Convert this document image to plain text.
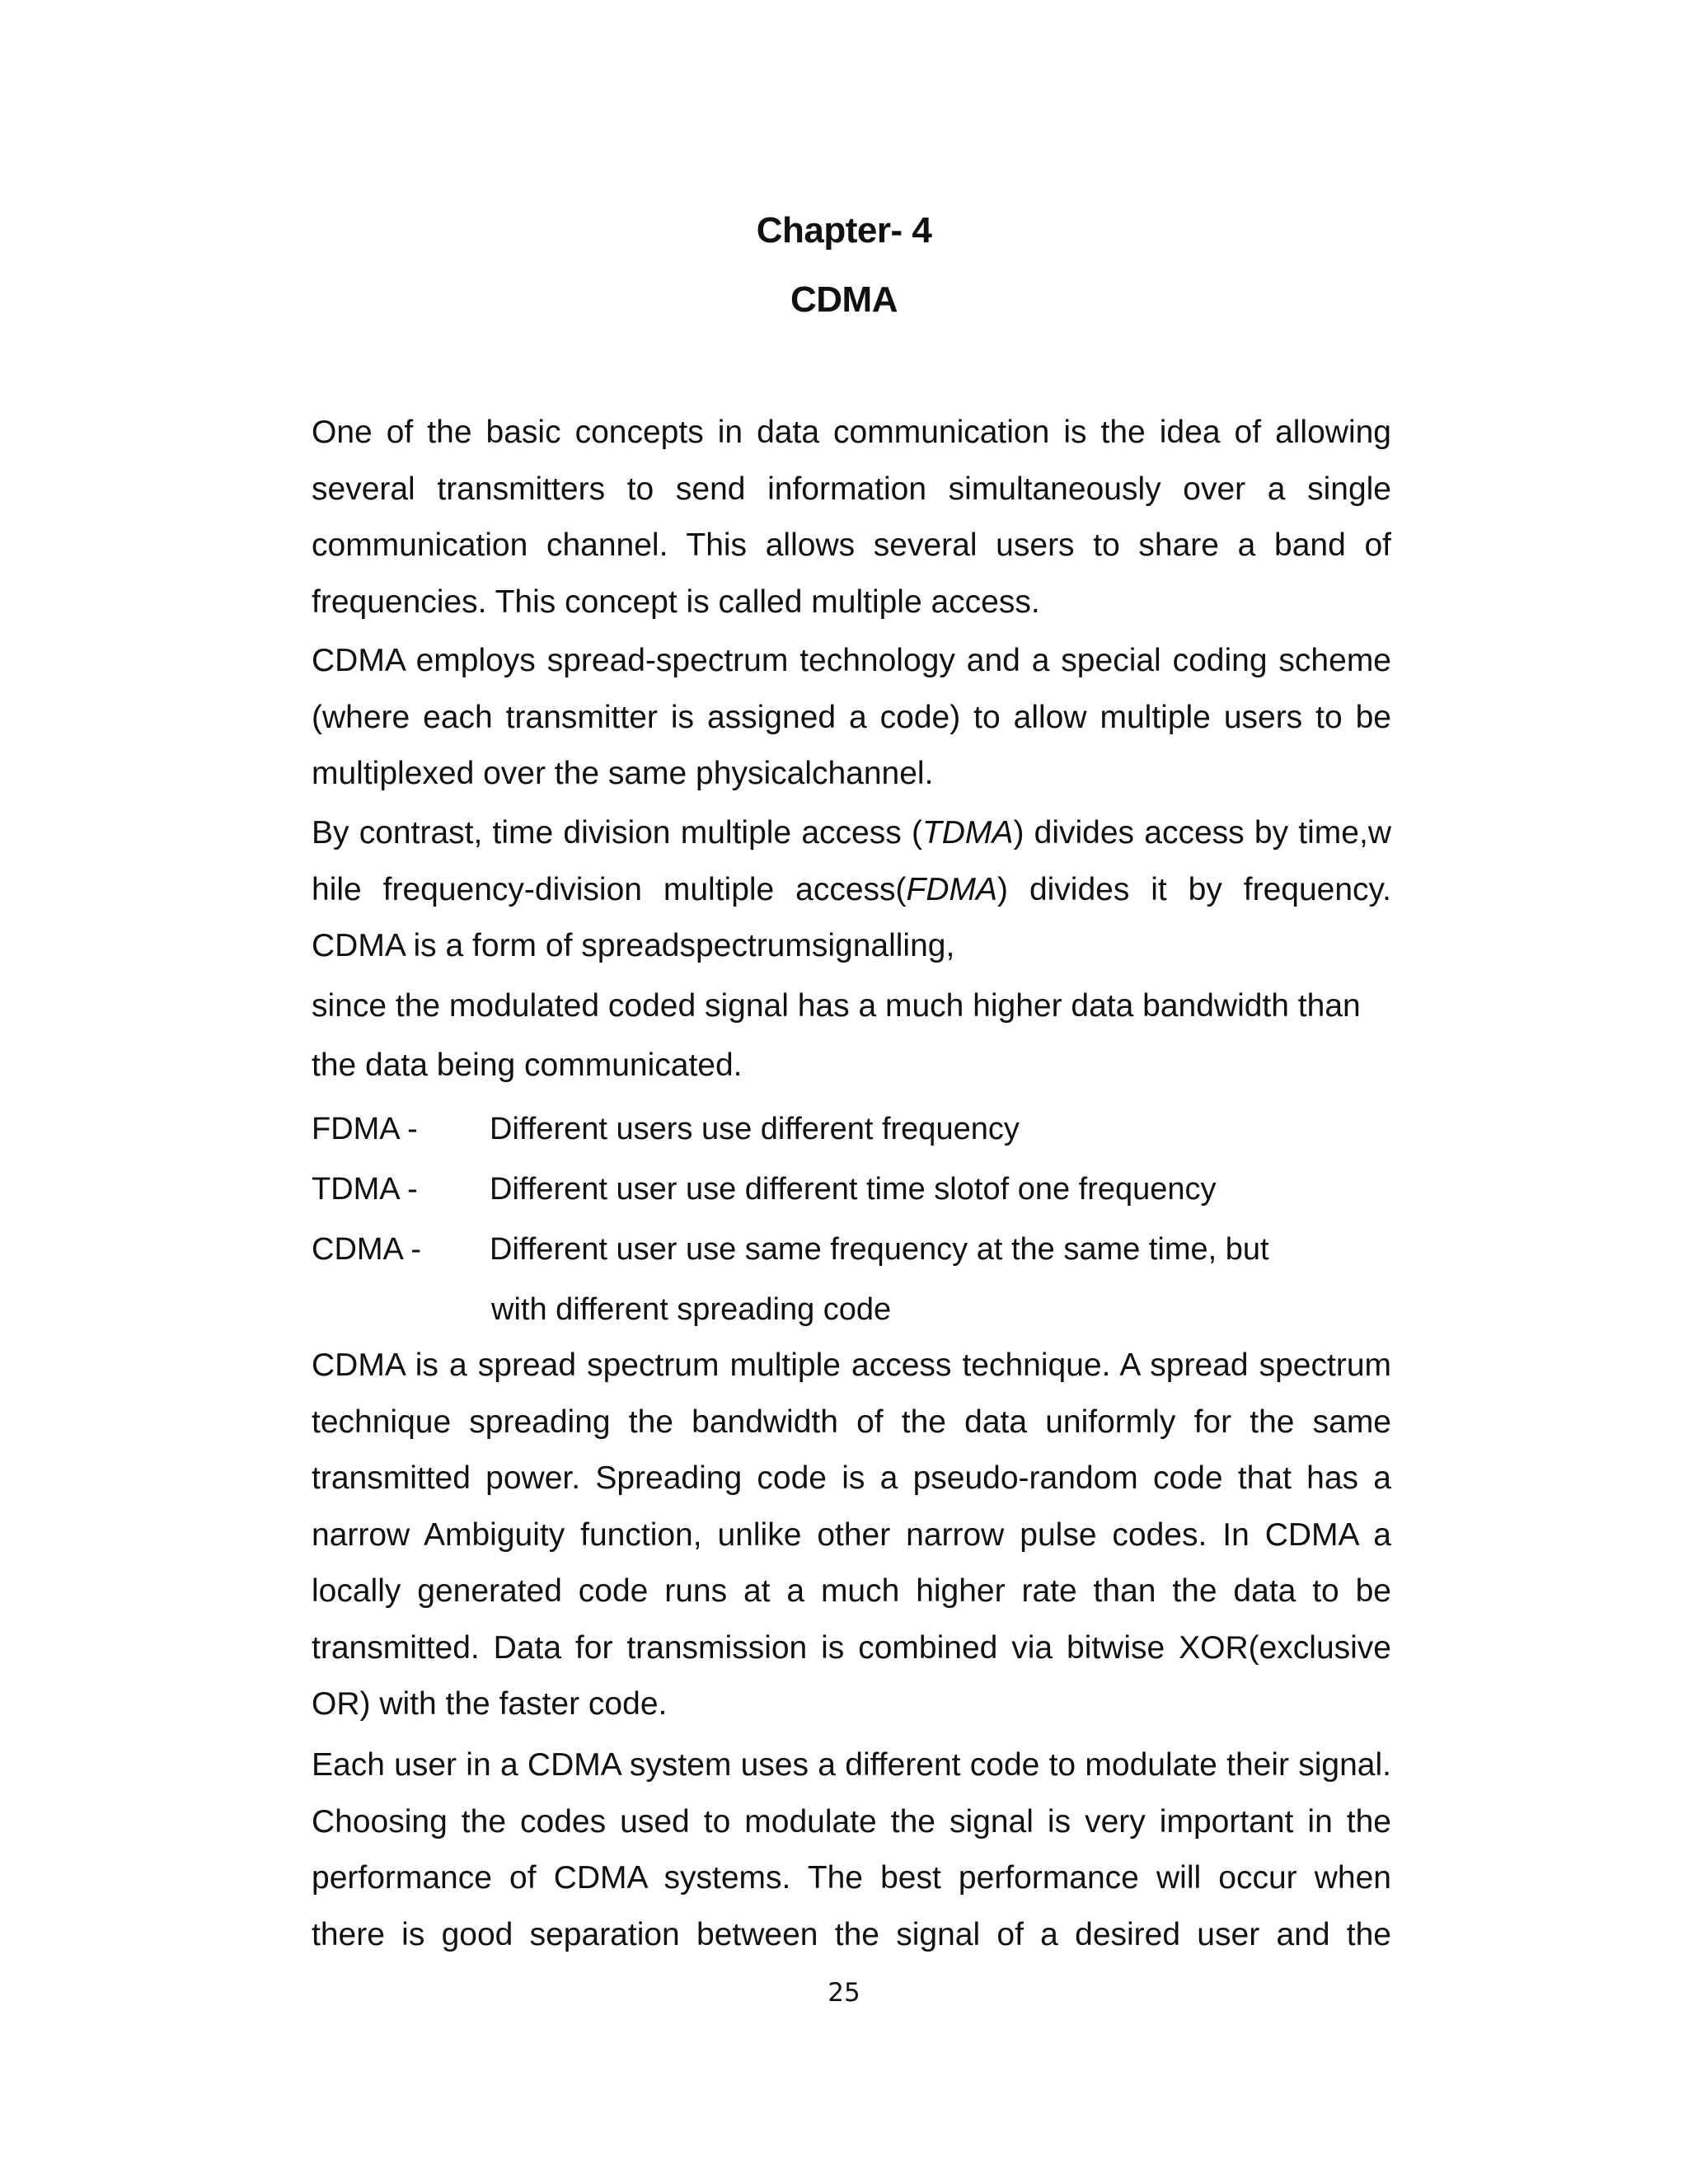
Chapter- 4
CDMA
One of the basic concepts in data communication is the idea of allowing
several transmitters to send information simultaneously over a single
communication channel. This allows several users to share a band of
frequencies. This concept is called multiple access.
CDMA employs spread-spectrum technology and a special coding scheme
(where each transmitter is assigned a code) to allow multiple users to be
multiplexed over the same physicalchannel.
By contrast, time division multiple access (TDMA) divides access by time,w
hile frequency-division multiple access(FDMA) divides it by frequency.
CDMA is a form of spreadspectrumsignalling,
since the modulated coded signal has a much higher data bandwidth than
the data being communicated.
FDMA - Different users use different frequency
TDMA - Different user use different time slotof one frequency
CDMA - Different user use same frequency at the same time, but
with different spreading code
CDMA is a spread spectrum multiple access technique. A spread spectrum
technique spreading the bandwidth of the data uniformly for the same
transmitted power. Spreading code is a pseudo-random code that has a
narrow Ambiguity function, unlike other narrow pulse codes. In CDMA a
locally generated code runs at a much higher rate than the data to be
transmitted. Data for transmission is combined via bitwise XOR(exclusive
OR) with the faster code.
Each user in a CDMA system uses a different code to modulate their signal.
Choosing the codes used to modulate the signal is very important in the
performance of CDMA systems. The best performance will occur when
there is good separation between the signal of a desired user and the
25
